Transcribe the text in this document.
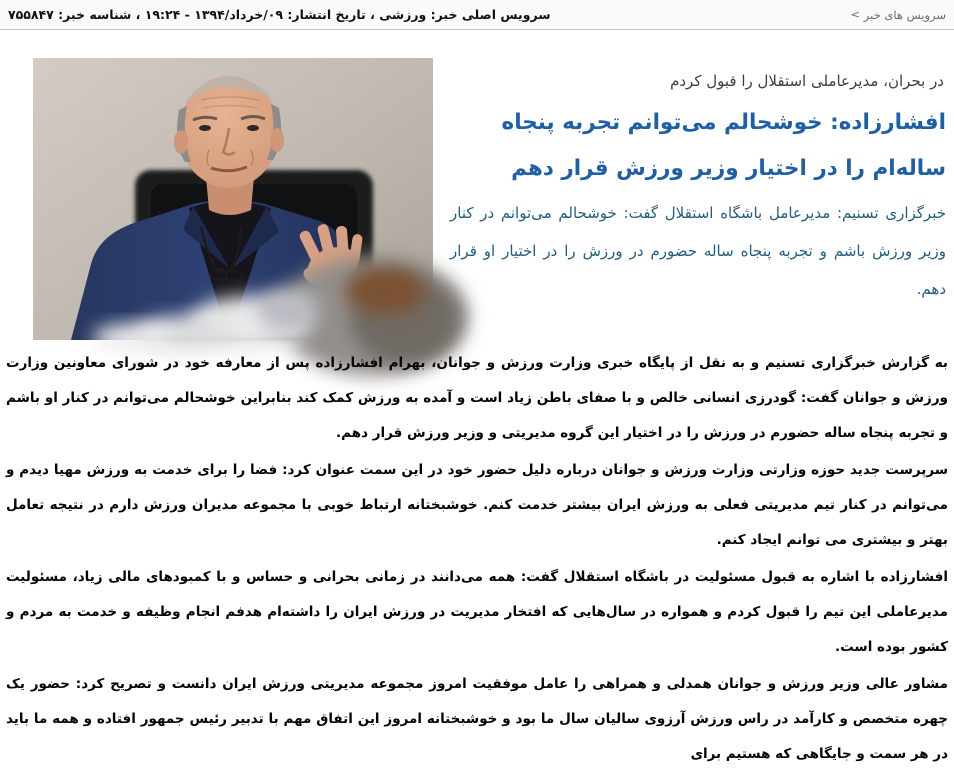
سرویس های خبر
<
سرویس اصلی خبر: ورزشی ، تاریخ انتشار: ۰۹/خرداد/۱۳۹۴ - ۱۹:۲۴ ، شناسه خبر: ۷۵۵۸۴۷
در بحران، مدیرعاملی استقلال را قبول کردم
افشارزاده: خوشحالم می‌توانم تجربه پنجاه ساله‌ام را در اختیار وزیر ورزش قرار دهم

خبرگزاری تسنیم: مدیرعامل باشگاه استقلال گفت: خوشحالم می‌توانم در کنار وزیر ورزش باشم و تجربه پنجاه ساله حضورم در ورزش را در اختیار او قرار دهم.

به گزارش خبرگزاری تسنیم و به نقل از پایگاه خبری وزارت ورزش و جوانان، بهرام افشارزاده پس از معارفه خود در شورای معاونین وزارت ورزش و جوانان گفت: گودرزی انسانی خالص و با صفای باطن زیاد است و آمده به ورزش کمک کند بنابراین خوشحالم می‌توانم در کنار او باشم و تجربه پنجاه ساله حضورم در ورزش را در اختیار این گروه مدیریتی و وزیر ورزش قرار دهم.

سرپرست جدید حوزه وزارتی وزارت ورزش و جوانان درباره دلیل حضور خود در این سمت عنوان کرد: فضا را برای خدمت به ورزش مهیا دیدم و می‌توانم در کنار تیم مدیریتی فعلی به ورزش ایران بیشتر خدمت کنم. خوشبختانه ارتباط خوبی با مجموعه مدیران ورزش دارم در نتیجه تعامل بهتر و بیشتری می توانم ایجاد کنم.

افشارزاده با اشاره به قبول مسئولیت در باشگاه استقلال گفت: همه می‌دانند در زمانی بحرانی و حساس و با کمبودهای مالی زیاد، مسئولیت مدیرعاملی این تیم را قبول کردم و همواره در سال‌هایی که افتخار مدیریت در ورزش ایران را داشته‌ام هدفم انجام وظیفه و خدمت به مردم و کشور بوده است.

مشاور عالی وزیر ورزش و جوانان همدلی و همراهی را عامل موفقیت امروز مجموعه مدیریتی ورزش ایران دانست و تصریح کرد: حضور یک چهره متخصص و کارآمد در راس ورزش آرزوی سالیان سال ما بود و خوشبختانه امروز این اتفاق مهم با تدبیر رئیس جمهور افتاده و همه ما باید در هر سمت و جایگاهی که هستیم برای
